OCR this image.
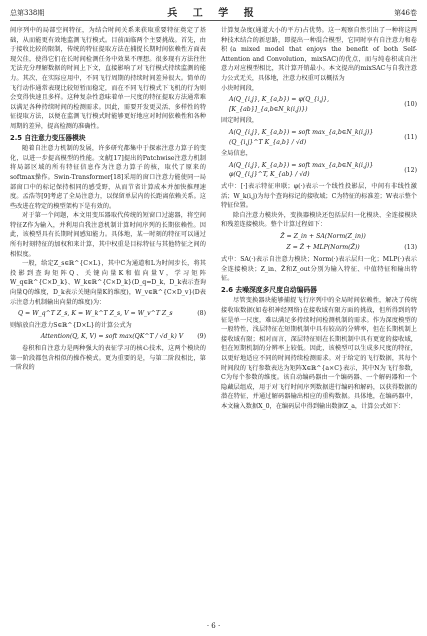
总第338期	兵 工 学 报	第46卷

间序列中的局部空间特征，为结合时间关系来获取重要特征奠定了基础，从而能更有效地监测飞行模式。目前面临两个主要挑战。首先，由于接收比较的限制，传统的特征提取方法在捕捉长期时间依赖性方面表现欠佳，使得它们在长时间检测任务中效果不理想。很多现有方法往往无法充分理解数据的时间上下文，直接影响了对飞行模式持续监测的能力。其次，在实际应用中，不同飞行周期的持续时间差异很大。简单的飞行动作通常表现比较短暂而稳定，而在不同飞行模式下飞机的行为则会变得快速且多样。这种复杂性意味着单一尺度的特征提取方法通常难以满足各种持续时间的检测需求。因此，需要开发更灵活、多样性的特征提取方法，以便在监测飞行模式时能够更好地应对时间依赖性和各种周期的差异，提高检测的准确性。

2.5 自注意力变压器模块

随着自注意力机制的发展，许多研究都集中于探索注意力算子的变化，以进一步提高模型的性能。文献[17]提出的Patchwise注意力机制将局部区域的所有特征信息作为注意力算子的核，取代了原来的softmax操作。Swin-Transformer[18]采用的窗口注意力能使同一局部窗口中的标记保持相同的感受野，从而节省计算成本并加快推理速度。孟浩等[9]考虑了全局注意力，以保留单层内的长距离依赖关系。这些改进在特定的模型架构下是有效的。

对于第一个问题，本文用变压器取代传统的短窗口过滤器，将空间特征Z作为输入，并利用自我注意机制计算时间序列的长期依赖性。因此，该模型具有长期时间感知能力。具体地，某一时刻的特征可以通过所有时刻特征的加权和来计算，其中权重是目标特征与其他特征之间的相似度。

一般，给定Z_s∈ℝ^{C×L}，其中C为通道和L为时间步长，将其投影到查询矩阵Q、关键向量K和值向量V，学习矩阵W_q∈ℝ^{C×D_k}、W_k∈ℝ^{C×D_k}(D_q=D_k，D_k表示查询向量Q的维度，D_k表示关键向量K的维度)，W_v∈ℝ^{C×D_v}(D表示注意力机制输出向量的维度)为：

Q = W_q^T Z_s, K = W_k^T Z_s, V = W_v^T Z_s	(8)

则缩放自注意力S∈ℝ^{D×L}的计算公式为

Attention(Q, K, V) = soft max(QK^T / √d_k) V (9)

卷积和自注意力是两种强大的表征学习的核心技术，这两个模块的第一阶段都包含相似的操作模式。更为重要的是，与第二阶段相比，第一阶段的

计算复杂度(通道大小的平方)占优势。这一观察自然引出了一种将这两种技术结合的新思路，即提出一种混合模型，它同时享有自注意力和卷积(a mixed model that enjoys the benefit of both Self-Attention and Convolution，mixSAC)的优点，而与纯卷积或自注意力对应模型相比，其计算开销最小。本文提出的mixSAC与自我注意力公式无关，具体地，注意力权重可以概括为

小块时间段，

A(Q_{i,j}, K_{a,b}) = φ(Q_{i,j}, [K_{ab}]_{a,b∈N_k(i,j)})
(10)

固定时间段，

A(Q_{i,j}, K_{a,b}) = soft max_{a,b∈N_k(i,j)}(Q_{i,j}^T K_{a,b} / √d)
(11)

全局信息，

A(Q_{i,j}, K_{a,b}) = soft max_{a,b∈N_k(i,j)} φ(Q_{i,j}^T, K_{ab} / √d)
(12)

式中：[·]表示特征串联；φ(·)表示一个线性投影层，中间有非线性激活；W_k(i,j)为每个查询标记的接收域；C为特征的标准差；W表示整个特征位置。

除自注意力模块外，变换器模块还包括层归一化模块、全连接模块和残差连接模块。整个计算过程如下：

Z̄ = Z_in + SA(Norm(Z_in))
Z = Z̄ + MLP(Norm(Z̄))	(13)

式中：SA(·)表示自注意力模块；Norm(·)表示层归一化；MLP(·)表示全连接模块；Z_in、Z̄和Z_out分别为输入特征、中值特征和输出特征。

2.6 去噪深度多尺度自动编码器

尽管变换器块能够捕捉飞行序列中的全局时间依赖性，解决了传统接收取数据(如卷积神经网络)在接收域有限方面的挑战，但所得到的特征是单一尺度，难以满足多持续时间检测机制的需求。作为深度模型的一般特性，浅层特征在短期机制中具有较高的分辨率，但在长期机制上接收域有限；相对而言，深层特征则在长期机制中具有更宽的接收域，但在短期机制的分辨率上较低。因此，该模型可以生成多尺度的特征，以更好地适应不同的时间持续检测需求。对于给定的飞行数据，其每个时间段的飞行参数表达为矩阵X∈ℝ^{a×C}表示，其中N为飞行参数，C为每个参数的维度。该自动编码器由一个编码器、一个解码器和一个隐藏层组成，用于对飞行时间序列数据进行编码和解码，以获得数据的潜在特征，并通过解码器输出相应的重构数据。具体地，在编码器中，本文输入数据X_0，在编码层中得到输出数据Z_a，计算公式如下：

· 6 ·
